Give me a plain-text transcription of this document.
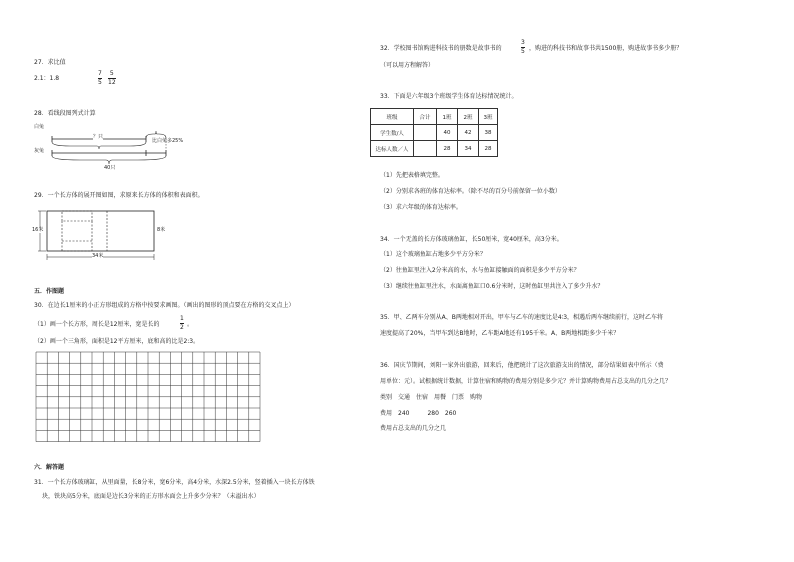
27．求比值
2.1：1.8
7
5
5
12
28．看线段图列式计算
白兔
灰兔
？只
比白兔多25%
40只
29．一个长方体的展开图如图，求原来长方体的体积和表面积。
16米	8米
34米
五．作图题
30．在边长1厘米的小正方形组成的方格中按要求画图。（画出的图形的顶点要在方格的交叉点上）
（1）画一个长方形，周长是12厘米，宽是长的
1
2 。
（2）画一个三角形，面积是12平方厘米，底和高的比是2:3。
六．解答题
31．一个长方体玻璃缸，从里面量，长8分米，宽6分米，高4分米，水深2.5分米，竖着插入一块长方体铁
块，铁块高5分米，底面是边长3分米的正方形水面会上升多少分米？（未溢出水）
32．学校图书馆购进科技书的册数是故事书的
3
5 ，购进的科技书和故事书共1500册，购进故事书多少册？
（可以用方程解答）
33．下面是六年级3个班级学生体育达标情况统计。
班级	合计	1班	2班	3班
学生数/人		40	42	38
达标人数／人		28	34	28
（1）先把表格填完整。
（2）分别求各班的体育达标率。（除不尽的百分号前保留一位小数）
（3）求六年级的体育达标率。
34．一个无盖的长方体玻璃鱼缸，长50厘米，宽40厘米，高3分米。
（1）这个玻璃鱼缸占地多少平方分米？
（2）往鱼缸里注入2分米高的水，水与鱼缸接触面的面积是多少平方分米？
（3）继续往鱼缸里注水，水面离鱼缸口0.6分米时，这时鱼缸里共注入了多少升水？
35．甲、乙两车分别从A、B两地相对开出，甲车与乙车的速度比是4∶3，相遇后两车继续前行，这时乙车将
速度提高了20%，当甲车到达B地时，乙车距A地还有195千米。A、B两地相距多少千米？
36．国庆节期间，刘阳一家外出旅游，回来后，他把统计了这次旅游支出的情况，部分结果如表中所示（费
用单位：元）。试根据统计数据，计算住宿和购物的费用分别是多少元？并计算购物费用占总支出的几分之几？
类别　交通　住宿　用餐　门票　购物
费用　240　　　280　260
费用占总支出的几分之几
